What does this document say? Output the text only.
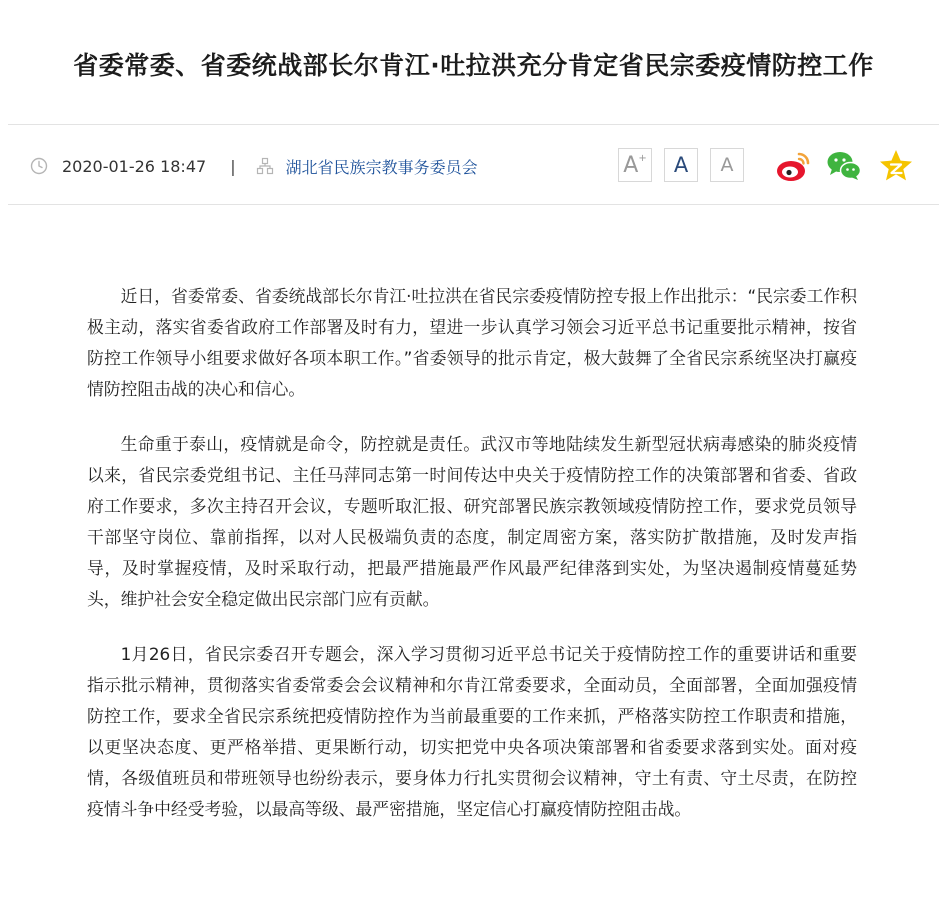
省委常委、省委统战部长尔肯江·吐拉洪充分肯定省民宗委疫情防控工作
2020-01-26 18:47 |	湖北省民族宗教事务委员会	A+ A A

近日，省委常委、省委统战部长尔肯江·吐拉洪在省民宗委疫情防控专报上作出批示：“民宗委工作积极主动，落实省委省政府工作部署及时有力，望进一步认真学习领会习近平总书记重要批示精神，按省防控工作领导小组要求做好各项本职工作。”省委领导的批示肯定，极大鼓舞了全省民宗系统坚决打赢疫情防控阻击战的决心和信心。

生命重于泰山，疫情就是命令，防控就是责任。武汉市等地陆续发生新型冠状病毒感染的肺炎疫情以来，省民宗委党组书记、主任马萍同志第一时间传达中央关于疫情防控工作的决策部署和省委、省政府工作要求，多次主持召开会议，专题听取汇报、研究部署民族宗教领域疫情防控工作，要求党员领导干部坚守岗位、靠前指挥，以对人民极端负责的态度，制定周密方案，落实防扩散措施，及时发声指导，及时掌握疫情，及时采取行动，把最严措施最严作风最严纪律落到实处，为坚决遏制疫情蔓延势头，维护社会安全稳定做出民宗部门应有贡献。

1月26日，省民宗委召开专题会，深入学习贯彻习近平总书记关于疫情防控工作的重要讲话和重要指示批示精神，贯彻落实省委常委会会议精神和尔肯江常委要求，全面动员，全面部署，全面加强疫情防控工作，要求全省民宗系统把疫情防控作为当前最重要的工作来抓，严格落实防控工作职责和措施，以更坚决态度、更严格举措、更果断行动，切实把党中央各项决策部署和省委要求落到实处。面对疫情，各级值班员和带班领导也纷纷表示，要身体力行扎实贯彻会议精神，守土有责、守土尽责，在防控疫情斗争中经受考验，以最高等级、最严密措施，坚定信心打赢疫情防控阻击战。
